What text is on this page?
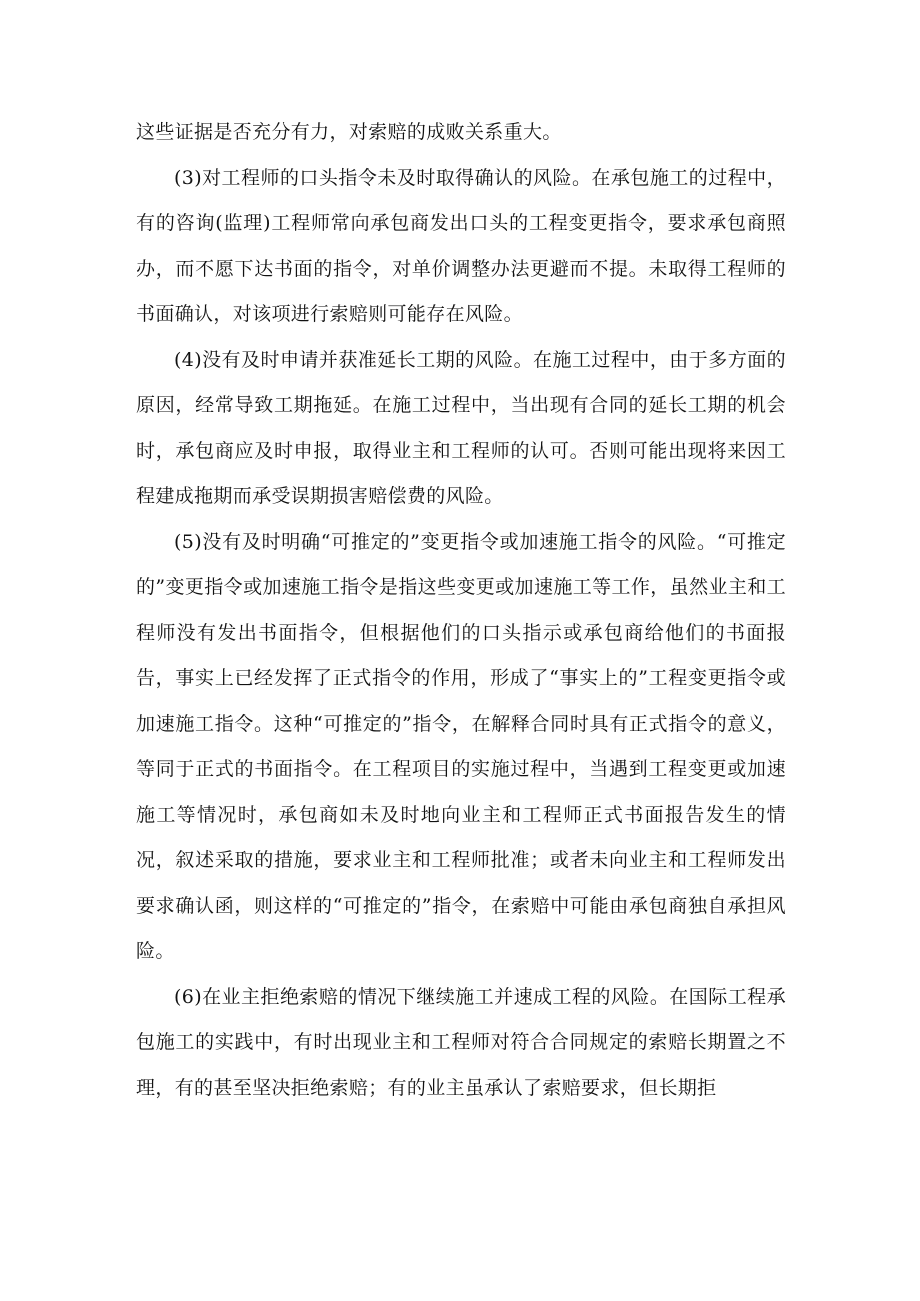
这些证据是否充分有力，对索赔的成败关系重大。

(3)对工程师的口头指令未及时取得确认的风险。在承包施工的过程中，有的咨询(监理)工程师常向承包商发出口头的工程变更指令，要求承包商照办，而不愿下达书面的指令，对单价调整办法更避而不提。未取得工程师的书面确认，对该项进行索赔则可能存在风险。

(4)没有及时申请并获准延长工期的风险。在施工过程中，由于多方面的原因，经常导致工期拖延。在施工过程中，当出现有合同的延长工期的机会时，承包商应及时申报，取得业主和工程师的认可。否则可能出现将来因工程建成拖期而承受误期损害赔偿费的风险。

(5)没有及时明确“可推定的”变更指令或加速施工指令的风险。“可推定的”变更指令或加速施工指令是指这些变更或加速施工等工作，虽然业主和工程师没有发出书面指令，但根据他们的口头指示或承包商给他们的书面报告，事实上已经发挥了正式指令的作用，形成了“事实上的”工程变更指令或加速施工指令。这种“可推定的”指令，在解释合同时具有正式指令的意义，等同于正式的书面指令。在工程项目的实施过程中，当遇到工程变更或加速施工等情况时，承包商如未及时地向业主和工程师正式书面报告发生的情况，叙述采取的措施，要求业主和工程师批准；或者未向业主和工程师发出要求确认函，则这样的“可推定的”指令，在索赔中可能由承包商独自承担风险。

(6)在业主拒绝索赔的情况下继续施工并速成工程的风险。在国际工程承包施工的实践中，有时出现业主和工程师对符合合同规定的索赔长期置之不理，有的甚至坚决拒绝索赔；有的业主虽承认了索赔要求，但长期拒
